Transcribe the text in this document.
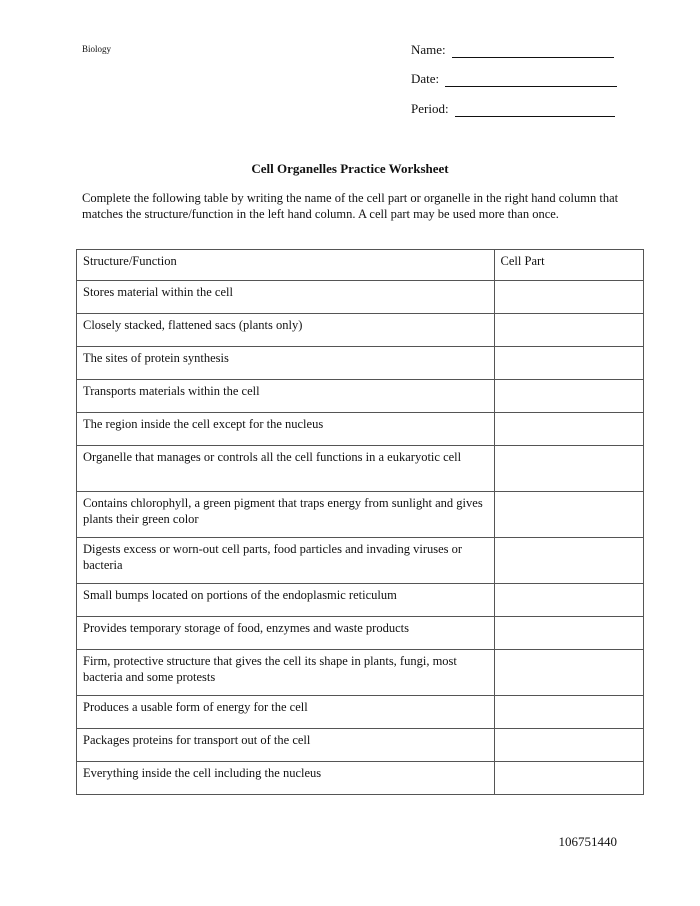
Biology	Name:
Date:
Period:
Cell Organelles Practice Worksheet
Complete the following table by writing the name of the cell part or organelle in the right hand column that matches the structure/function in the left hand column. A cell part may be used more than once.
Structure/Function	Cell Part
Stores material within the cell	
Closely stacked, flattened sacs (plants only)	
The sites of protein synthesis	
Transports materials within the cell	
The region inside the cell except for the nucleus	
Organelle that manages or controls all the cell functions in a eukaryotic cell	
Contains chlorophyll, a green pigment that traps energy from sunlight and gives plants their green color	
Digests excess or worn-out cell parts, food particles and invading viruses or bacteria	
Small bumps located on portions of the endoplasmic reticulum	
Provides temporary storage of food, enzymes and waste products	
Firm, protective structure that gives the cell its shape in plants, fungi, most bacteria and some protests	
Produces a usable form of energy for the cell	
Packages proteins for transport out of the cell	
Everything inside the cell including the nucleus	
106751440
